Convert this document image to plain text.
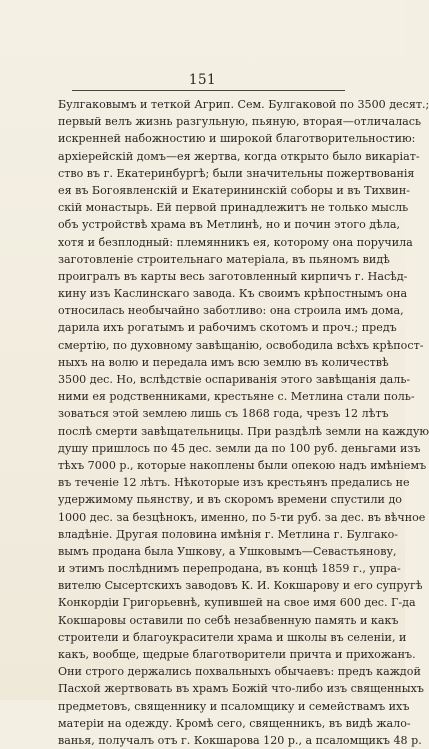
151
Булгаковымъ и теткой Агрип. Сем. Булгаковой по 3500 десят.;
первый велъ жизнь разгульную, пьяную, вторая—отличалась
искренней набожностию и широкой благотворительностию:
архіерейскій домъ—ея жертва, когда открыто было викаріат-
ство въ г. Екатеринбургѣ; были значительны пожертвованія
ея въ Богоявленскій и Екатерининскій соборы и въ Тихвин-
скій монастырь. Ей первой принадлежитъ не только мысль
объ устройствѣ храма въ Метлинѣ, но и почин этого дѣла,
хотя и безплодный: племянникъ ея, которому она поручила
заготовленіе строительнаго матеріала, въ пьяномъ видѣ
проигралъ въ карты весь заготовленный кирпичъ г. Насѣд-
кину изъ Каслинскаго завода. Къ своимъ крѣпостнымъ она
относилась необычайно заботливо: она строила имъ дома,
дарила ихъ рогатымъ и рабочимъ скотомъ и проч.; предъ
смертію, по духовному завѣщанію, освободила всѣхъ крѣпост-
ныхъ на волю и передала имъ всю землю въ количествѣ
3500 дес. Но, вслѣдствіе оспариванія этого завѣщанія даль-
ними ея родственниками, крестьяне с. Метлина стали поль-
зоваться этой землею лишь съ 1868 года, чрезъ 12 лѣтъ
послѣ смерти завѣщательницы. При раздѣлѣ земли на каждую
душу пришлось по 45 дес. земли да по 100 руб. деньгами изъ
тѣхъ 7000 р., которые накоплены были опекою надъ имѣніемъ
въ теченіе 12 лѣтъ. Нѣкоторые изъ крестьянъ предались не
удержимому пьянству, и въ скоромъ времени спустили до
1000 дес. за безцѣнокъ, именно, по 5-ти руб. за дес. въ вѣчное
владѣніе. Другая половина имѣнія г. Метлина г. Булгако-
вымъ продана была Ушкову, а Ушковымъ—Севастьянову,
и этимъ послѣднимъ перепродана, въ концѣ 1859 г., упра-
вителю Сысертскихъ заводовъ К. И. Кокшарову и его супругѣ
Конкордіи Григорьевнѣ, купившей на свое имя 600 дес. Г-да
Кокшаровы оставили по себѣ незабвенную память и какъ
строители и благоукрасители храма и школы въ селеніи, и
какъ, вообще, щедрые благотворители причта и прихожанъ.
Они строго держались похвальныхъ обычаевъ: предъ каждой
Пасхой жертвовать въ храмъ Божій что-либо изъ священныхъ
предметовъ, священнику и псаломщику и семействамъ ихъ
матеріи на одежду. Кромѣ сего, священникъ, въ видѣ жало-
ванья, получалъ отъ г. Кокшарова 120 р., а псаломщикъ 48 р.
